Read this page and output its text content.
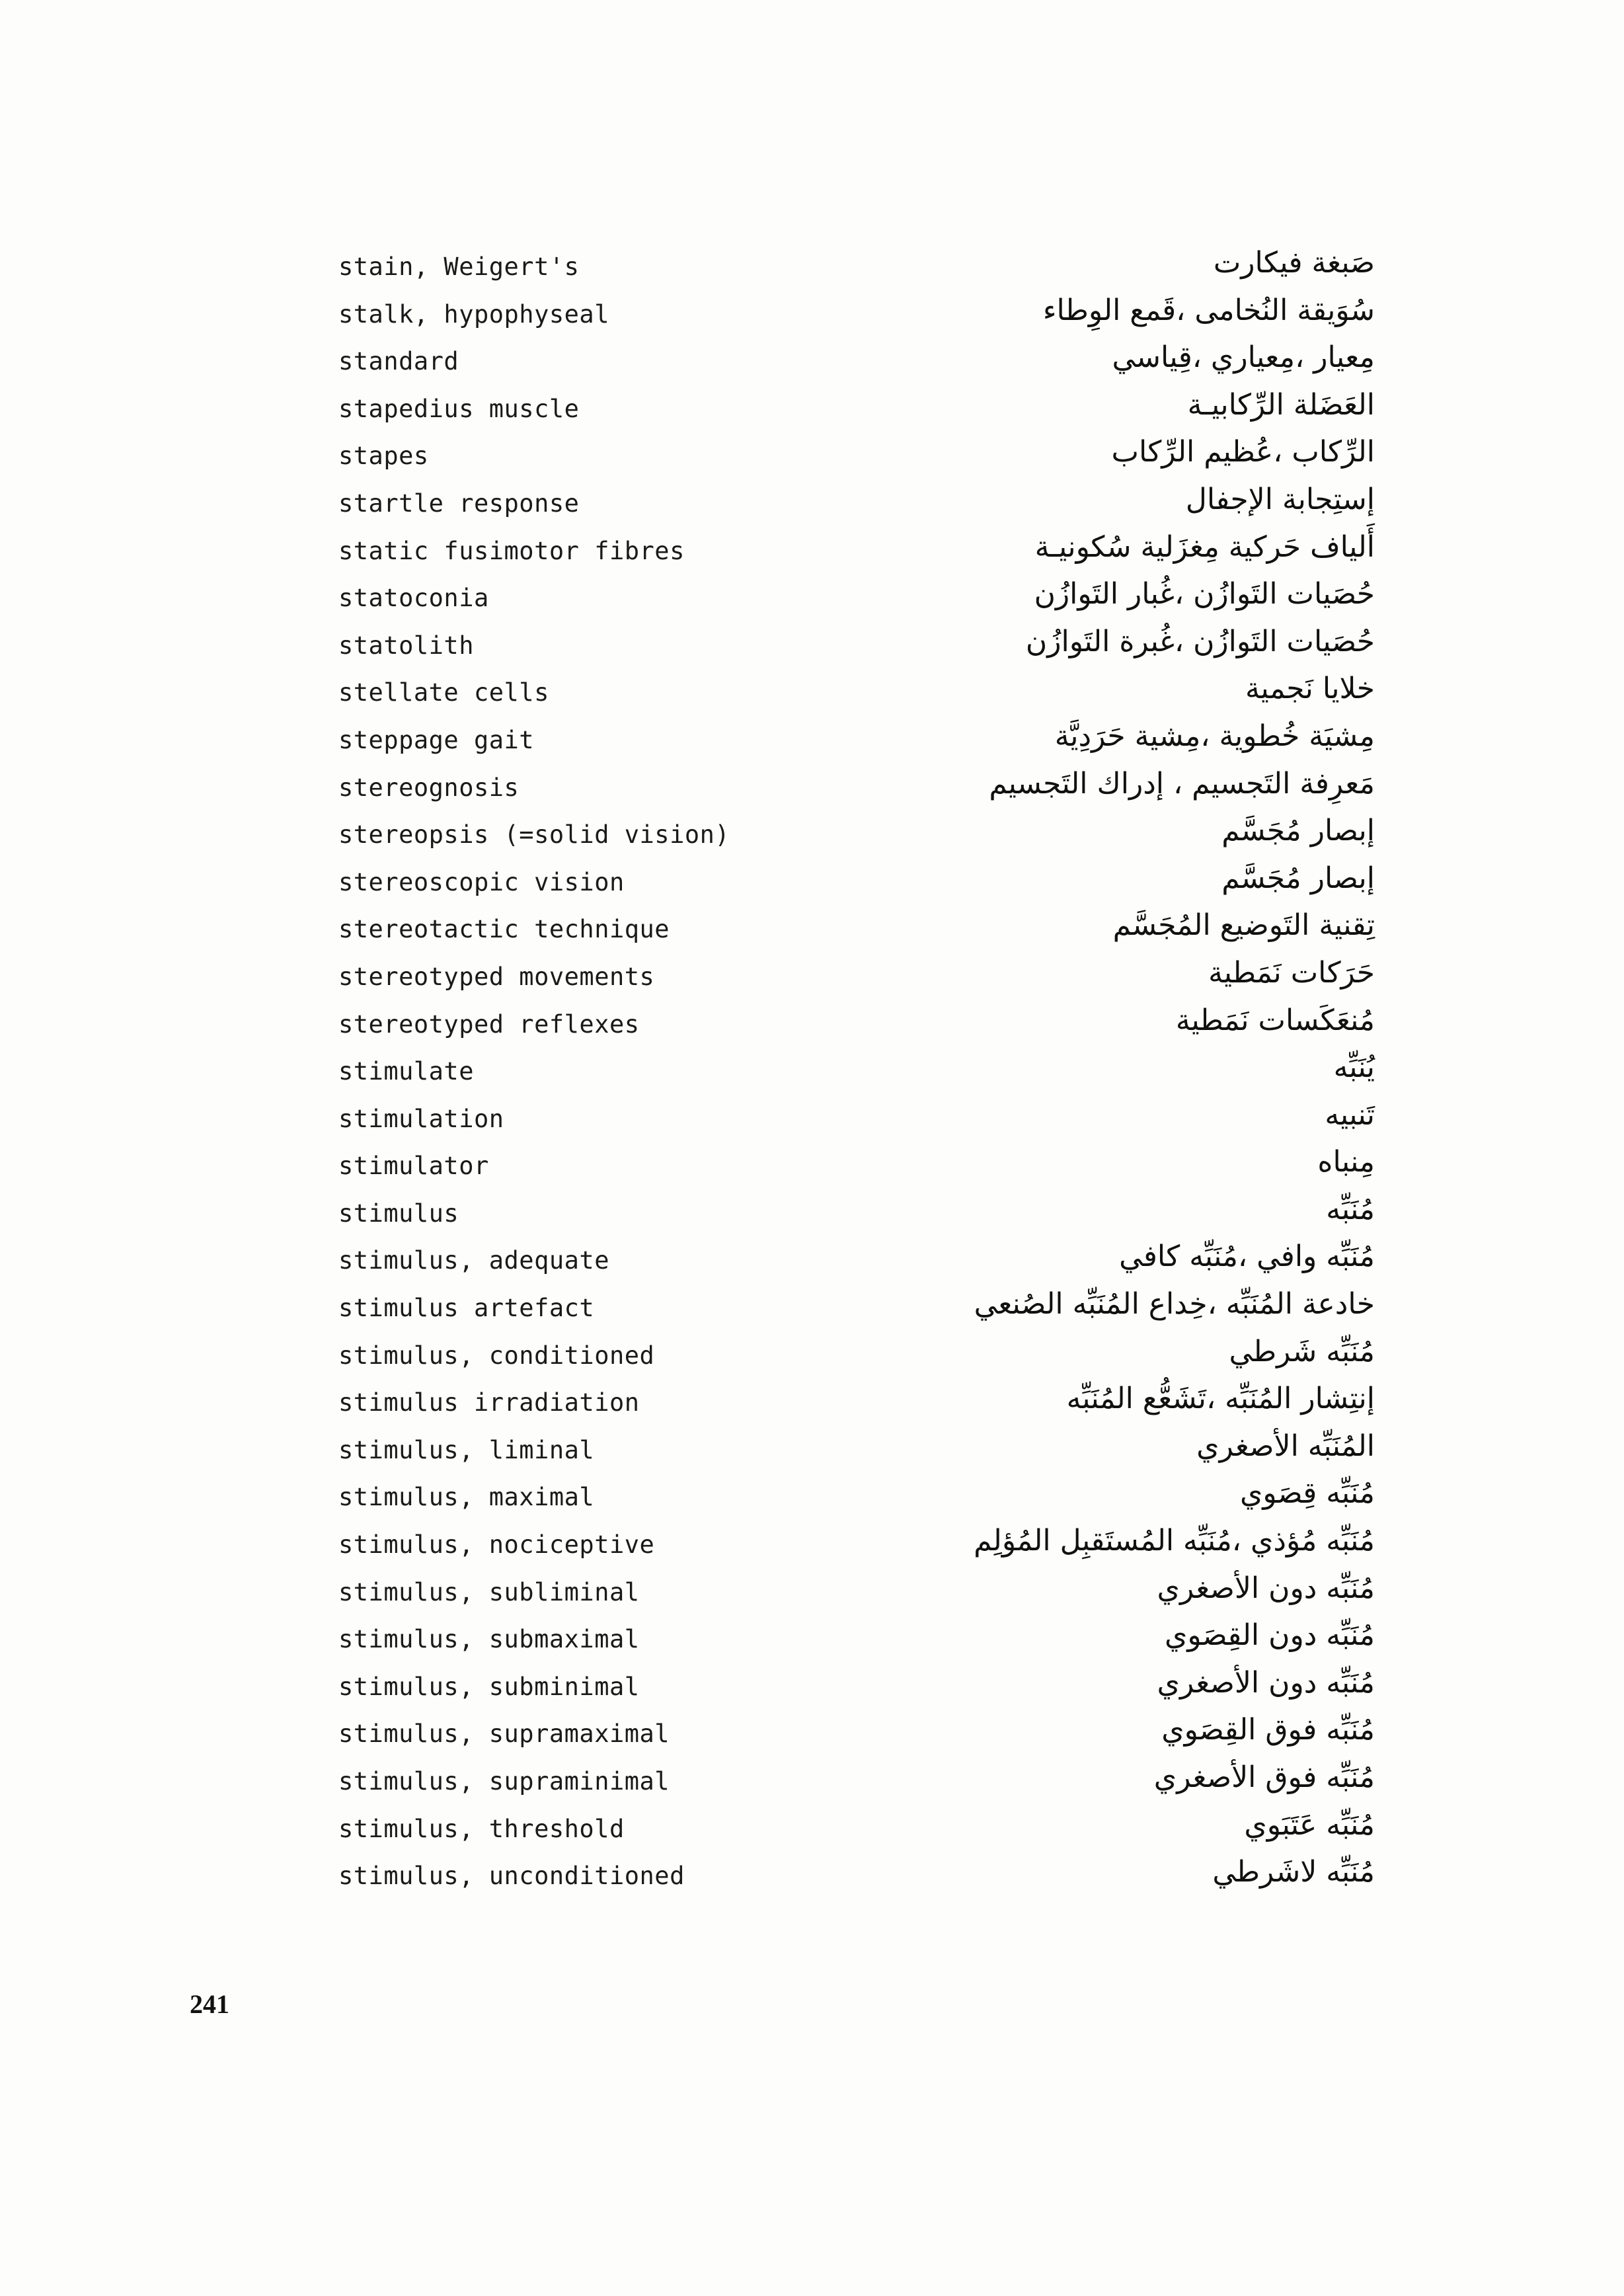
stain, Weigert's	صَبغة فيكارت
stalk, hypophyseal	سُوَيقة النُخامى ،قَمع الوِطاء
standard	مِعيار ،مِعياري ،قِياسي
stapedius muscle	العَضَلة الرِّكابيـة
stapes	الرِّكاب ،عُظيم الرِّكاب
startle response	إستِجابة الإجفال
static fusimotor fibres	أَلياف حَركية مِغزَلية سُكونيـة
statoconia	حُصَيات التَوازُن ،غُبار التَوازُن
statolith	حُصَيات التَوازُن ،غُبرة التَوازُن
stellate cells	خلايا نَجمية
steppage gait	مِشيَة خُطوية ،مِشية حَرَدِيَّة
stereognosis	مَعرِفة التَجسيم ، إدراك التَجسيم
stereopsis (=solid vision)	إبصار مُجَسَّم
stereoscopic vision	إبصار مُجَسَّم
stereotactic technique	تِقنية التَوضيع المُجَسَّم
stereotyped movements	حَرَكات نَمَطية
stereotyped reflexes	مُنعَكَسات نَمَطية
stimulate	يُنَبِّه
stimulation	تَنبيه
stimulator	مِنباه
stimulus	مُنَبِّه
stimulus, adequate	مُنَبِّه وافي ،مُنَبِّه كافي
stimulus artefact	خادعة المُنَبِّه ،خِداع المُنَبِّه الصُنعي
stimulus, conditioned	مُنَبِّه شَرطي
stimulus irradiation	إنتِشار المُنَبِّه ،تَشَعُّع المُنَبِّه
stimulus, liminal	المُنَبِّه الأصغري
stimulus, maximal	مُنَبِّه قِصَوي
stimulus, nociceptive	مُنَبِّه مُؤذي ،مُنَبِّه المُستَقبِل المُؤلِم
stimulus, subliminal	مُنَبِّه دون الأصغري
stimulus, submaximal	مُنَبِّه دون القِصَوي
stimulus, subminimal	مُنَبِّه دون الأصغري
stimulus, supramaximal	مُنَبِّه فوق القِصَوي
stimulus, supraminimal	مُنَبِّه فوق الأصغري
stimulus, threshold	مُنَبِّه عَتَبَوي
stimulus, unconditioned	مُنَبِّه لاشَرطي
241
